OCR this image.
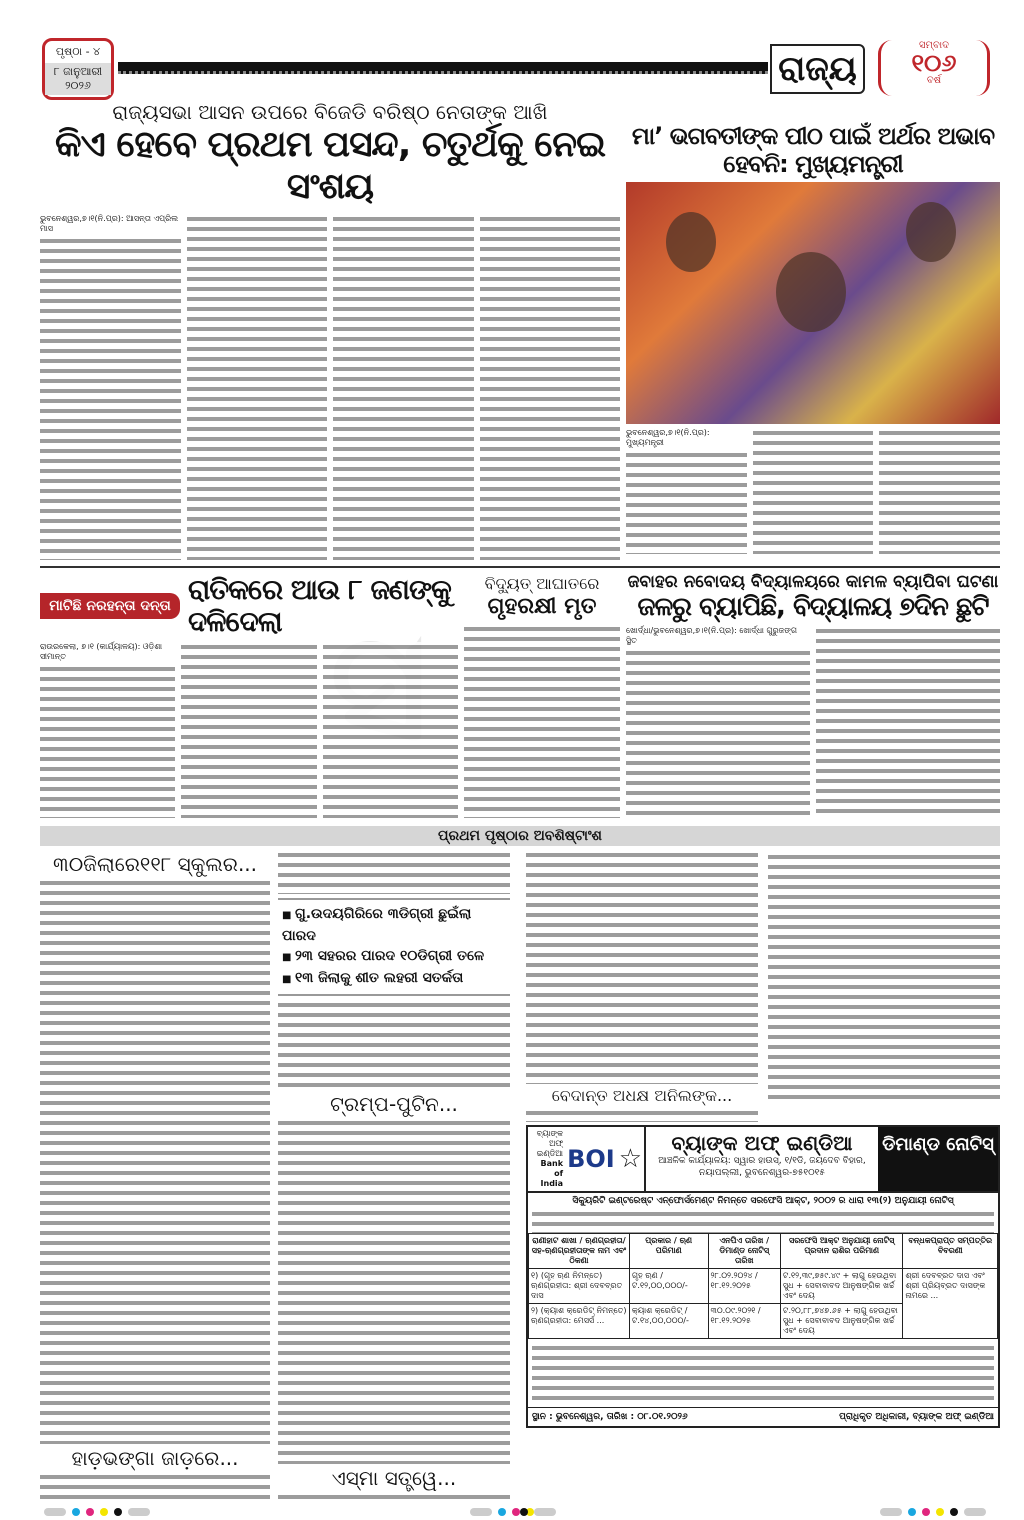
ପୃଷ୍ଠା - ୪
୮ ଜାନୁଆରୀ ୨୦୨୬	ରାଜ୍ୟ
ସମ୍ବାଦ
୧୦୬
ବର୍ଷ
ରାଜ୍ୟସଭା ଆସନ ଉପରେ ବିଜେଡି ବରିଷ୍ଠ ନେତାଙ୍କ ଆଖି
କିଏ ହେବେ ପ୍ରଥମ ପସନ୍ଦ, ଚତୁର୍ଥକୁ ନେଇ ସଂଶୟ
ଭୁବନେଶ୍ୱର,୭।୧(ନି.ପ୍ର): ଆସନ୍ତା ଏପ୍ରିଲ ମାସ
ମା’ ଭଗବତୀଙ୍କ ପୀଠ ପାଇଁ ଅର୍ଥର ଅଭାବ ହେବନି: ମୁଖ୍ୟମନ୍ତ୍ରୀ
ଭୁବନେଶ୍ୱର,୭।୧(ନି.ପ୍ର): ମୁଖ୍ୟମନ୍ତ୍ରୀ
ମାଟିଛି ନରହନ୍ତା ଦନ୍ତା ରାତିକରେ ଆଉ ୮ ଜଣଙ୍କୁ ଦଳିଦେଲା
ରାଉରକେଲା, ୭।୧ (କାର୍ଯ୍ୟାଳୟ): ଓଡ଼ିଶା ସୀମାନ୍ତ
ବିଦ୍ୟୁତ୍ ଆଘାତରେ
ଗୃହରକ୍ଷୀ ମୃତ
ଜବାହର ନବୋଦୟ ବିଦ୍ୟାଳୟରେ କାମଳ ବ୍ୟାପିବା ଘଟଣା
ଜଳରୁ ବ୍ୟାପିଛି, ବିଦ୍ୟାଳୟ ୭ଦିନ ଛୁଟି
ଖୋର୍ଦ୍ଧା/ଭୁବନେଶ୍ୱର,୭।୧(ନି.ପ୍ର): ଖୋର୍ଦ୍ଧା ଗୁରୁଜଙ୍ଗ ସ୍ଥିତ
ପ୍ରଥମ ପୃଷ୍ଠାର ଅବଶିଷ୍ଟାଂଶ
୩୦ଜିଲାରେ୧୧୮ ସ୍କୁଲର...
ହାଡ଼ଭଙ୍ଗା ଜାଡ଼ରେ...
■ ଗୁ.ଉଦୟଗିରିରେ ୩ଡିଗ୍ରୀ ଛୁଇଁଲା ପାରଦ
■ ୨୩ ସହରର ପାରଦ ୧୦ଡିଗ୍ରୀ ତଳେ
■ ୧୩ ଜିଲାକୁ ଶୀତ ଲହରୀ ସତର୍କତା
ଟ୍ରମ୍ପ-ପୁଟିନ...
ଏସ୍‌ମା ସତ୍ତ୍ୱେ...
ବେଦାନ୍ତ ଅଧକ୍ଷ ଅନିଲଙ୍କ...
ବ୍ୟାଙ୍କ ଅଫ୍ ଇଣ୍ଡିଆ
Bank of India
BOI ☆
ବ୍ୟାଙ୍କ ଅଫ୍ ଇଣ୍ଡିଆ
ଆଞ୍ଚଳିକ କାର୍ଯ୍ୟାଳୟ: ସ୍ୱାର ହାଉସ୍, ୧/୧ଡି, ଜୟଦେବ ବିହାର, ନୟାପଲ୍ଲୀ, ଭୁବନେଶ୍ୱର-୭୫୧୦୧୫
ଡିମାଣ୍ଡ ନୋଟିସ୍
ସିକ୍ୟୁରିଟି ଇଣ୍ଟରେଷ୍ଟ ଏନ୍‌ଫୋର୍ସମେଣ୍ଟ ନିମନ୍ତେ ସରଫେସି ଆକ୍ଟ, ୨୦୦୨ ର ଧାରା ୧୩(୨) ଅନୁଯାୟୀ ନୋଟିସ୍
ରାଣୀହାଟ ଶାଖା / ଋଣଗ୍ରହୀତା/ସହ-ଋଣଗ୍ରହୀତାଙ୍କ ନାମ ଏବଂ ଠିକଣା	ପ୍ରକାର / ଋଣ ପରିମାଣ	ଏନପିଏ ତାରିଖ / ଡିମାଣ୍ଡ ନୋଟିସ୍ ତାରିଖ	ସରଫେସି ଆକ୍ଟ ଅନୁଯାୟୀ ନୋଟିସ୍ ପ୍ରଦାନ ରାଶିର ପରିମାଣ	ବନ୍ଧକପ୍ରାପ୍ତ ସମ୍ପତ୍ତିର ବିବରଣୀ
୧) (ଗୃହ ଋଣ ନିମନ୍ତେ) ଋଣଗ୍ରହୀତା: ଶ୍ରୀ ଦେବବ୍ରତ ଦାସ	ଗୃହ ଋଣ / ଟ.୧୨,୦୦,୦୦୦/-	୨୮.୦୨.୨୦୨୪ / ୧୮.୧୨.୨୦୨୫	ଟ.୧୨,୩୯,୭୫୯.୪୯ + ଲାଗୁ ହେଉଥିବା ସୁଧ + ସେବାବାବଦ ଆନୁଷଙ୍ଗିକ ଖର୍ଚ୍ଚ ଏବଂ ଦେୟ	ଶ୍ରୀ ଦେବବ୍ରତ ଦାସ ଏବଂ ଶ୍ରୀ ପ୍ରିୟବ୍ରତ ଦାସଙ୍କ ନାମରେ ...
୨) (କ୍ୟାଶ କ୍ରେଡିଟ୍ ନିମନ୍ତେ) ଋଣଗ୍ରହୀତା: ମେସର୍ସ ...	କ୍ୟାଶ କ୍ରେଡିଟ୍ / ଟ.୧୪,୦୦,୦୦୦/-	୩୦.୦୯.୨୦୨୧ / ୧୮.୧୨.୨୦୨୫	ଟ.୨୦,୮୮,୭୪୭.୬୫ + ଲାଗୁ ହେଉଥିବା ସୁଧ + ସେବାବାବଦ ଆନୁଷଙ୍ଗିକ ଖର୍ଚ୍ଚ ଏବଂ ଦେୟ	
ସ୍ଥାନ : ଭୁବନେଶ୍ୱର, ତାରିଖ : ୦୮.୦୧.୨୦୨୬	ପ୍ରାଧିକୃତ ଅଧିକାରୀ, ବ୍ୟାଙ୍କ ଅଫ୍ ଇଣ୍ଡିଆ
